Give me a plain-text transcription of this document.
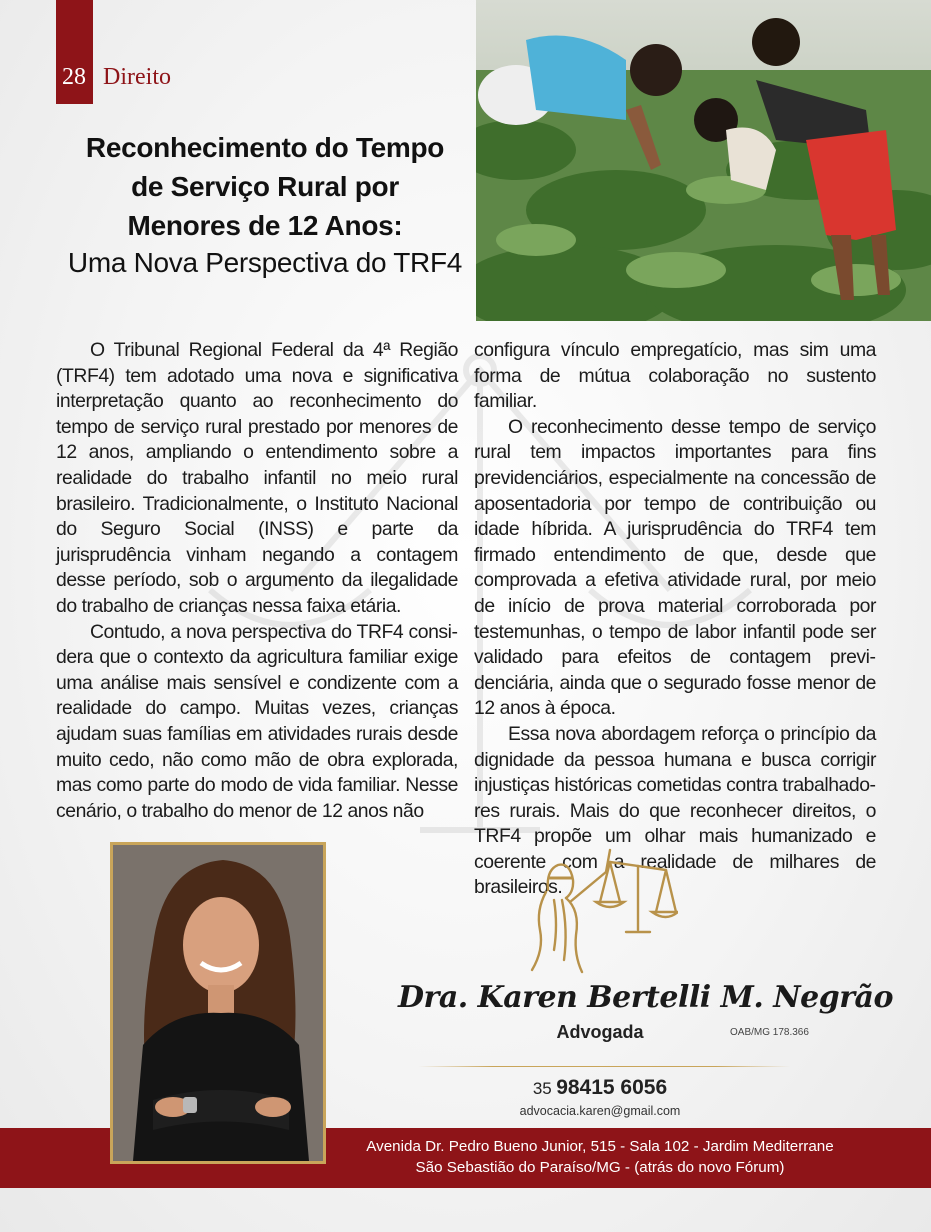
28 Direito

Reconhecimento do Tempo
de Serviço Rural por
Menores de 12 Anos:

Uma Nova Perspectiva do TRF4

O Tribunal Regional Federal da 4ª Região (TRF4) tem adotado uma nova e significativa interpretação quanto ao reconhecimento do tempo de serviço rural prestado por menores de 12 anos, ampliando o entendimento sobre a realidade do trabalho infantil no meio rural brasileiro. Tradicionalmente, o Instituto Nacional do Seguro Social (INSS) e parte da jurisprudência vinham negando a contagem desse período, sob o argumento da ilegalidade do trabalho de crianças nessa faixa etária.

Contudo, a nova perspectiva do TRF4 considera que o contexto da agricultura familiar exige uma análise mais sensível e condizente com a realidade do campo. Muitas vezes, crianças ajudam suas famílias em atividades rurais desde muito cedo, não como mão de obra explorada, mas como parte do modo de vida familiar. Nesse cenário, o trabalho do menor de 12 anos não

configura vínculo empregatício, mas sim uma forma de mútua colaboração no sustento familiar.

O reconhecimento desse tempo de serviço rural tem impactos importantes para fins previdenciários, especialmente na concessão de aposentadoria por tempo de contribuição ou idade híbrida. A jurisprudência do TRF4 tem firmado entendimento de que, desde que comprovada a efetiva atividade rural, por meio de início de prova material corroborada por testemunhas, o tempo de labor infantil pode ser validado para efeitos de contagem previdenciária, ainda que o segurado fosse menor de 12 anos à época.

Essa nova abordagem reforça o princípio da dignidade da pessoa humana e busca corrigir injustiças históricas cometidas contra trabalhadores rurais. Mais do que reconhecer direitos, o TRF4 propõe um olhar mais humanizado e coerente com a realidade de milhares de brasileiros.

Dra. Karen Bertelli M. Negrão
Advogada	OAB/MG 178.366
35 98415 6056
advocacia.karen@gmail.com
Avenida Dr. Pedro Bueno Junior, 515 - Sala 102 - Jardim Mediterrane
São Sebastião do Paraíso/MG - (atrás do novo Fórum)
